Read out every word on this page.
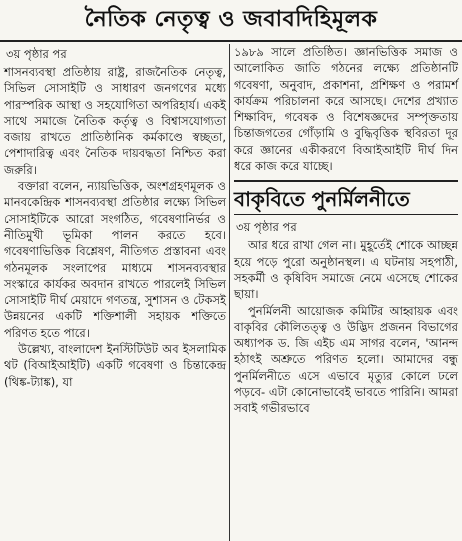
নৈতিক নেতৃত্ব ও জবাবদিহিমূলক
৩য় পৃষ্ঠার পর

শাসনব্যবস্থা প্রতিষ্ঠায় রাষ্ট্র, রাজনৈতিক নেতৃত্ব, সিভিল সোসাইটি ও সাধারণ জনগণের মধ্যে পারস্পরিক আস্থা ও সহযোগিতা অপরিহার্য। একই সাথে সমাজে নৈতিক কর্তৃত্ব ও বিশ্বাসযোগ্যতা বজায় রাখতে প্রাতিষ্ঠানিক কর্মকাণ্ডে স্বচ্ছতা, পেশাদারিত্ব এবং নৈতিক দায়বদ্ধতা নিশ্চিত করা জরুরি।

বক্তারা বলেন, ন্যায়ভিত্তিক, অংশগ্রহণমূলক ও মানবকেন্দ্রিক শাসনব্যবস্থা প্রতিষ্ঠার লক্ষ্যে সিভিল সোসাইটিকে আরো সংগঠিত, গবেষণানির্ভর ও নীতিমুখী ভূমিকা পালন করতে হবে। গবেষণাভিত্তিক বিশ্লেষণ, নীতিগত প্রস্তাবনা এবং গঠনমূলক সংলাপের মাধ্যমে শাসনব্যবস্থার সংস্কারে কার্যকর অবদান রাখতে পারলেই সিভিল সোসাইটি দীর্ঘ মেয়াদে গণতন্ত্র, সুশাসন ও টেকসই উন্নয়নের একটি শক্তিশালী সহায়ক শক্তিতে পরিণত হতে পারে।

উল্লেখ্য, বাংলাদেশ ইনস্টিটিউট অব ইসলামিক থট (বিআইআইটি) একটি গবেষণা ও চিন্তাকেন্দ্র (থিঙ্ক-ট্যাঙ্ক), যা

১৯৮৯ সালে প্রতিষ্ঠিত। জ্ঞানভিত্তিক সমাজ ও আলোকিত জাতি গঠনের লক্ষ্যে প্রতিষ্ঠানটি গবেষণা, অনুবাদ, প্রকাশনা, প্রশিক্ষণ ও পরামর্শ কার্যক্রম পরিচালনা করে আসছে। দেশের প্রখ্যাত শিক্ষাবিদ, গবেষক ও বিশেষজ্ঞদের সম্পৃক্ততায় চিন্তাজগতের গোঁড়ামি ও বুদ্ধিবৃত্তিক স্থবিরতা দূর করে জ্ঞানের একীকরণে বিআইআইটি দীর্ঘ দিন ধরে কাজ করে যাচ্ছে।

বাকৃবিতে পুনর্মিলনীতে
৩য় পৃষ্ঠার পর

আর ধরে রাখা গেল না। মুহূর্তেই শোকে আচ্ছন্ন হয়ে পড়ে পুরো অনুষ্ঠানস্থল। এ ঘটনায় সহপাঠী, সহকর্মী ও কৃষিবিদ সমাজে নেমে এসেছে শোকের ছায়া।

পুনর্মিলনী আয়োজক কমিটির আহ্বায়ক এবং বাকৃবির কৌলিতত্ত্ব ও উদ্ভিদ প্রজনন বিভাগের অধ্যাপক ড. জি এইচ এম সাগর বলেন, 'আনন্দ হঠাৎই অশ্রুতে পরিণত হলো। আমাদের বন্ধু পুনর্মিলনীতে এসে এভাবে মৃত্যুর কোলে ঢলে পড়বে- এটা কোনোভাবেই ভাবতে পারিনি। আমরা সবাই গভীরভাবে
